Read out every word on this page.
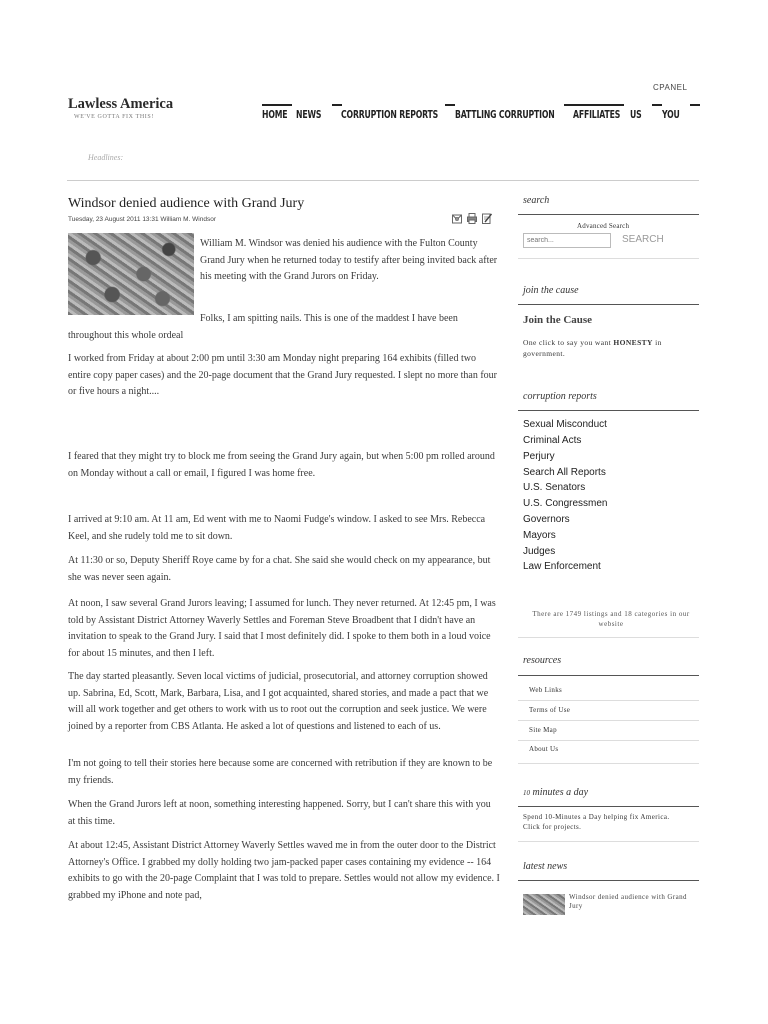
CPANEL
Lawless America
WE'VE GOTTA FIX THIS!	HOME NEWS CORRUPTION REPORTS BATTLING CORRUPTION AFFILIATES US YOU
Headlines:
Windsor denied audience with Grand Jury
Tuesday, 23 August 2011 13:31 William M. Windsor
William M. Windsor was denied his audience with the Fulton County Grand Jury when he returned today to testify after being invited back after his meeting with the Grand Jurors on Friday.
Folks, I am spitting nails. This is one of the maddest I have been throughout this whole ordeal
I worked from Friday at about 2:00 pm until 3:30 am Monday night preparing 164 exhibits (filled two entire copy paper cases) and the 20-page document that the Grand Jury requested. I slept no more than four or five hours a night....
I feared that they might try to block me from seeing the Grand Jury again, but when 5:00 pm rolled around on Monday without a call or email, I figured I was home free.
I arrived at 9:10 am. At 11 am, Ed went with me to Naomi Fudge's window. I asked to see Mrs. Rebecca Keel, and she rudely told me to sit down.
At 11:30 or so, Deputy Sheriff Roye came by for a chat. She said she would check on my appearance, but she was never seen again.
At noon, I saw several Grand Jurors leaving; I assumed for lunch. They never returned. At 12:45 pm, I was told by Assistant District Attorney Waverly Settles and Foreman Steve Broadbent that I didn't have an invitation to speak to the Grand Jury. I said that I most definitely did. I spoke to them both in a loud voice for about 15 minutes, and then I left.
The day started pleasantly. Seven local victims of judicial, prosecutorial, and attorney corruption showed up. Sabrina, Ed, Scott, Mark, Barbara, Lisa, and I got acquainted, shared stories, and made a pact that we will all work together and get others to work with us to root out the corruption and seek justice. We were joined by a reporter from CBS Atlanta. He asked a lot of questions and listened to each of us.
I'm not going to tell their stories here because some are concerned with retribution if they are known to be my friends.
When the Grand Jurors left at noon, something interesting happened. Sorry, but I can't share this with you at this time.
At about 12:45, Assistant District Attorney Waverly Settles waved me in from the outer door to the District Attorney's Office. I grabbed my dolly holding two jam-packed paper cases containing my evidence -- 164 exhibits to go with the 20-page Complaint that I was told to prepare. Settles would not allow my evidence. I grabbed my iPhone and note pad,
search
Advanced Search
search...
SEARCH
join the cause
Join the Cause
One click to say you want HONESTY in government.
corruption reports
Sexual Misconduct
Criminal Acts
Perjury
Search All Reports
U.S. Senators
U.S. Congressmen
Governors
Mayors
Judges
Law Enforcement
There are 1749 listings and 18 categories in our website
resources
Web Links
Terms of Use
Site Map
About Us
10 minutes a day
Spend 10-Minutes a Day helping fix America.
Click for projects.
latest news
Windsor denied audience with Grand Jury
